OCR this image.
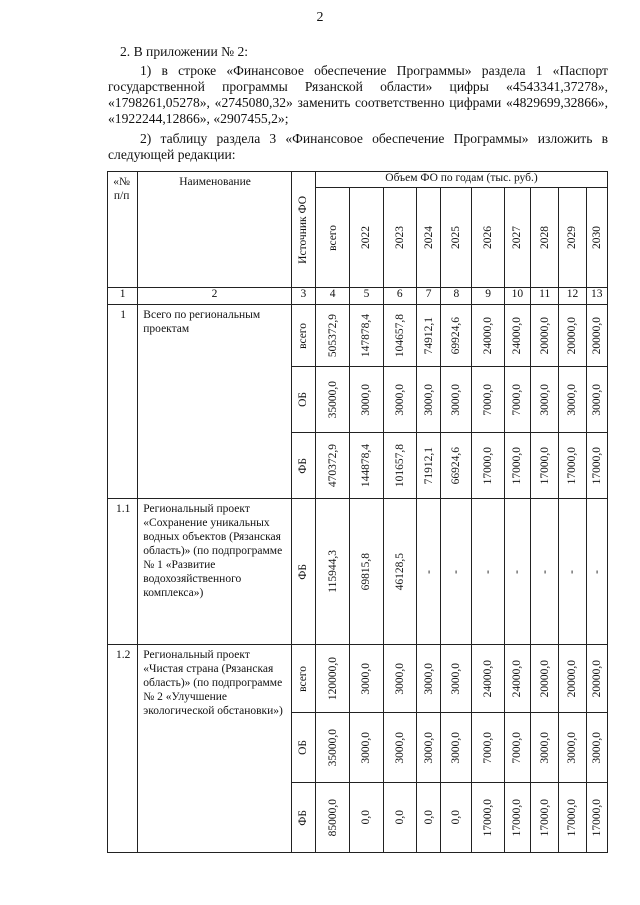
2

2. В приложении № 2:

1) в строке «Финансовое обеспечение Программы» раздела 1 «Паспорт государственной программы Рязанской области» цифры «4543341,37278», «1798261,05278», «2745080,32» заменить соответственно цифрами «4829699,32866», «1922244,12866», «2907455,2»;

2) таблицу раздела 3 «Финансовое обеспечение Программы» изложить в следующей редакции:

«№ п/п	Наименование	Источник ФО	Объем ФО по годам (тыс. руб.)									

			всего	2022	2023	2024	2025	2026	2027	2028	2029	2030

1	2	3	4	5	6	7	8	9	10	11	12	13

1	Всего по региональным проектам	всего	505372,9	147878,4	104657,8	74912,1	69924,6	24000,0	24000,0	20000,0	20000,0	20000,0

		ОБ	35000,0	3000,0	3000,0	3000,0	3000,0	7000,0	7000,0	3000,0	3000,0	3000,0

		ФБ	470372,9	144878,4	101657,8	71912,1	66924,6	17000,0	17000,0	17000,0	17000,0	17000,0

1.1	Региональный проект «Сохранение уникальных водных объектов (Рязанская область)» (по подпрограмме № 1 «Развитие водохозяйственного комплекса»)	ФБ	115944,3	69815,8	46128,5	-	-	-	-	-	-	-

1.2	Региональный проект «Чистая страна (Рязанская область)» (по подпрограмме № 2 «Улучшение экологической обстановки»)	всего	120000,0	3000,0	3000,0	3000,0	3000,0	24000,0	24000,0	20000,0	20000,0	20000,0

		ОБ	35000,0	3000,0	3000,0	3000,0	3000,0	7000,0	7000,0	3000,0	3000,0	3000,0

		ФБ	85000,0	0,0	0,0	0,0	0,0	17000,0	17000,0	17000,0	17000,0	17000,0
